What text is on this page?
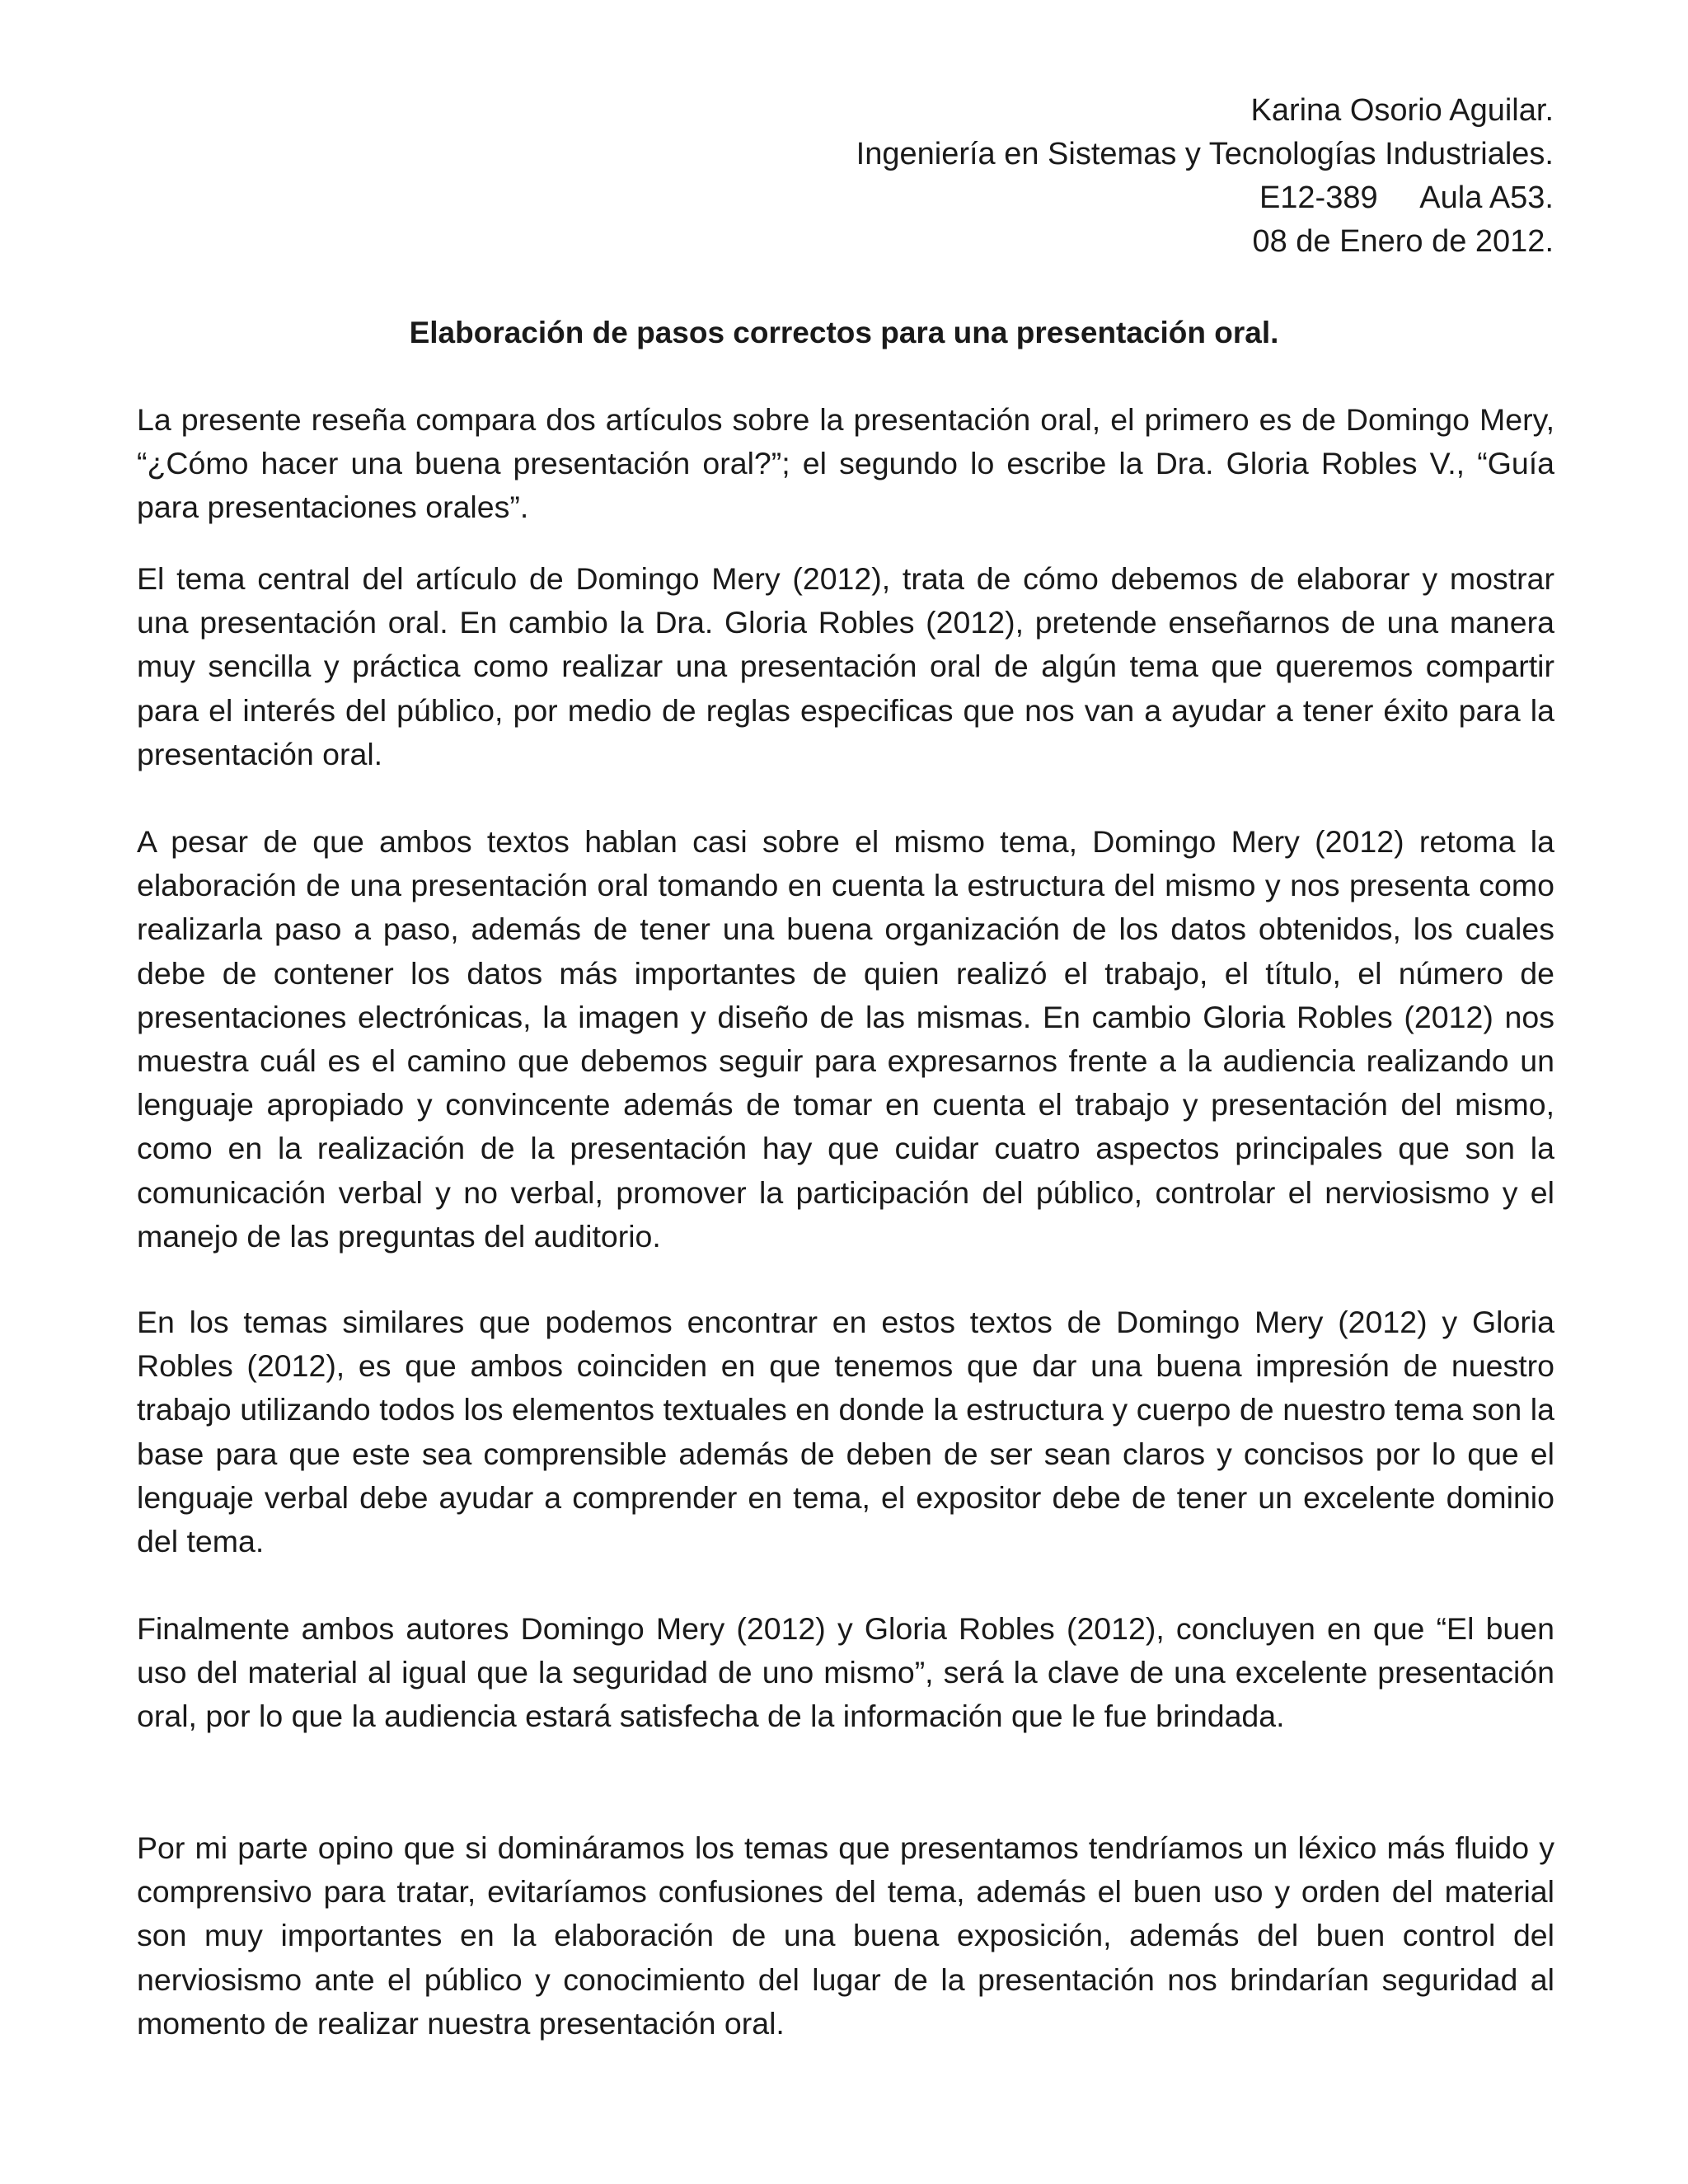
Karina Osorio Aguilar.
Ingeniería en Sistemas y Tecnologías Industriales.
E12-389     Aula A53.
08 de Enero de 2012.
Elaboración de pasos correctos para una presentación oral.

La presente reseña compara dos artículos sobre la presentación oral, el primero es de Domingo Mery, “¿Cómo hacer una buena presentación oral?”; el segundo lo escribe la Dra. Gloria Robles V., “Guía para presentaciones orales”.

El tema central del artículo de Domingo Mery (2012), trata de cómo debemos de elaborar y mostrar una presentación oral. En cambio la Dra. Gloria Robles (2012), pretende enseñarnos de una manera muy sencilla y práctica como realizar una presentación oral de algún tema que queremos compartir para el interés del público, por medio de reglas especificas que nos van a ayudar a tener éxito para la presentación oral.

A pesar de que ambos textos hablan casi sobre el mismo tema, Domingo Mery (2012) retoma la elaboración de una presentación oral tomando en cuenta la estructura del mismo y nos presenta como realizarla paso a paso, además de tener una buena organización de los datos obtenidos, los cuales debe de contener los datos más importantes de quien realizó el trabajo, el título, el número de presentaciones electrónicas, la imagen y diseño de las mismas. En cambio Gloria Robles (2012) nos muestra cuál es el camino que debemos seguir para expresarnos frente a la audiencia realizando un lenguaje apropiado y convincente además de tomar en cuenta el trabajo y presentación del mismo, como en la realización de la presentación hay que cuidar cuatro aspectos principales que son la comunicación verbal y no verbal, promover la participación del público, controlar el nerviosismo y el manejo de las preguntas del auditorio.

En los temas similares que podemos encontrar en estos textos de Domingo Mery (2012) y Gloria Robles (2012), es que ambos coinciden en que tenemos que dar una buena impresión de nuestro trabajo utilizando todos los elementos textuales en donde la estructura y cuerpo de nuestro tema son la base para que este sea comprensible además de deben de ser sean claros y concisos por lo que el lenguaje verbal debe ayudar a comprender en tema, el expositor debe de tener un excelente dominio del tema.

Finalmente ambos autores Domingo Mery (2012) y Gloria Robles (2012), concluyen en que “El buen uso del material al igual que la seguridad de uno mismo”, será la clave de una excelente presentación oral, por lo que la audiencia estará satisfecha de la información que le fue brindada.

Por mi parte opino que si domináramos los temas que presentamos tendríamos un léxico más fluido y comprensivo para tratar, evitaríamos confusiones del tema, además el buen uso y orden del material son muy importantes en la elaboración de una buena exposición, además del buen control del nerviosismo ante el público y conocimiento del lugar de la presentación nos brindarían seguridad al momento de realizar nuestra presentación oral.
